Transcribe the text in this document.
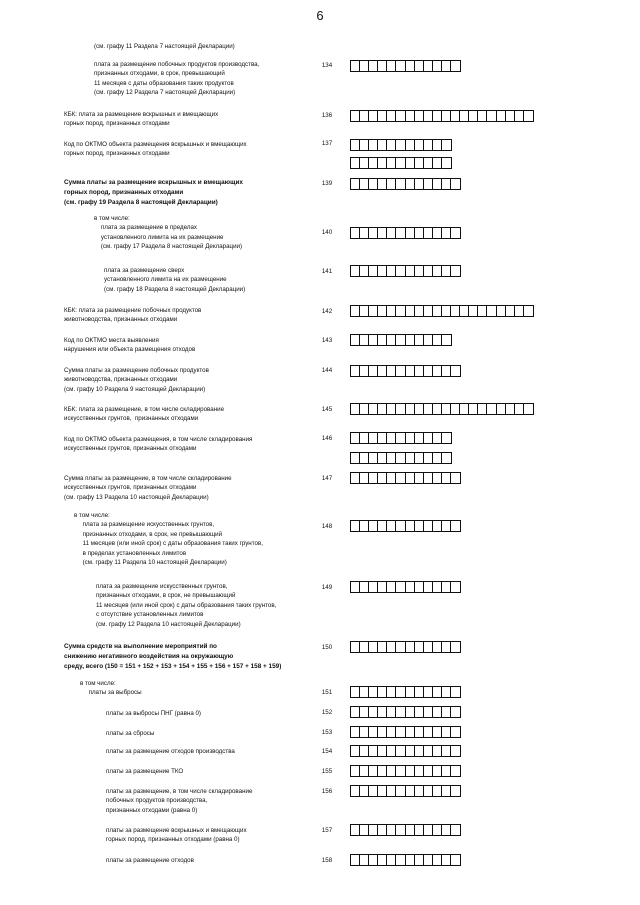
6
(см. графу 11 Раздела 7 настоящей Декларации)
плата за размещение побочных продуктов производства,
признанных отходами, в срок, превышающий
11 месяцев с даты образования таких продуктов
(см. графу 12 Раздела 7 настоящей Декларации)
134
КБК: плата за размещение вскрышных и вмещающих
горных пород, признанных отходами
136
Код по ОКТМО объекта размещения вскрышных и вмещающих
горных пород, признанных отходами
137
Сумма платы за размещение вскрышных и вмещающих
горных пород, признанных отходами
(см. графу 19 Раздела 8 настоящей Декларации)
139
в том числе:
плата за размещение в пределах
установленного лимита на их размещение
(см. графу 17 Раздела 8 настоящей Декларации)
140
плата за размещение сверх
установленного лимита на их размещение
(см. графу 18 Раздела 8 настоящей Декларации)
141
КБК: плата за размещение побочных продуктов
животноводства, признанных отходами
142
Код по ОКТМО места выявления
нарушения или объекта размещения отходов
143
Сумма платы за размещение побочных продуктов
животноводства, признанных отходами
(см. графу 10 Раздела 9 настоящей Декларации)
144
КБК: плата за размещение, в том числе складирование
искусственных грунтов,  признанных отходами
145
Код по ОКТМО объекта размещения, в том числе складирования
искусственных грунтов, признанных отходами
146
Сумма платы за размещение, в том числе складирование
искусственных грунтов, признанных отходами
(см. графу 13 Раздела 10 настоящей Декларации)
147
в том числе:
плата за размещение искусственных грунтов,
признанных отходами, в срок, не превышающий
11 месяцев (или иной срок) с даты образования таких грунтов,
в пределах установленных лимитов
(см. графу 11 Раздела 10 настоящей Декларации)
148
плата за размещение искусственных грунтов,
признанных отходами, в срок, не превышающий
11 месяцев (или иной срок) с даты образования таких грунтов,
с отсутствие установленных лимитов
(см. графу 12 Раздела 10 настоящей Декларации)
149
Сумма средств на выполнение мероприятий по
снижению негативного воздействия на окружающую
среду, всего (150 = 151 + 152 + 153 + 154 + 155 + 156 + 157 + 158 + 159)
150
в том числе:
платы за выбросы	151
платы за выбросы ПНГ (равна 0)	152
платы за сбросы	153
платы за размещение отходов производства	154
платы за размещение ТКО	155
платы за размещение, в том числе складирование
побочных продуктов производства,
признанных отходами (равна 0)
156
платы за размещение вскрышных и вмещающих
горных пород, признанных отходами (равна 0)
157
платы за размещение отходов	158
